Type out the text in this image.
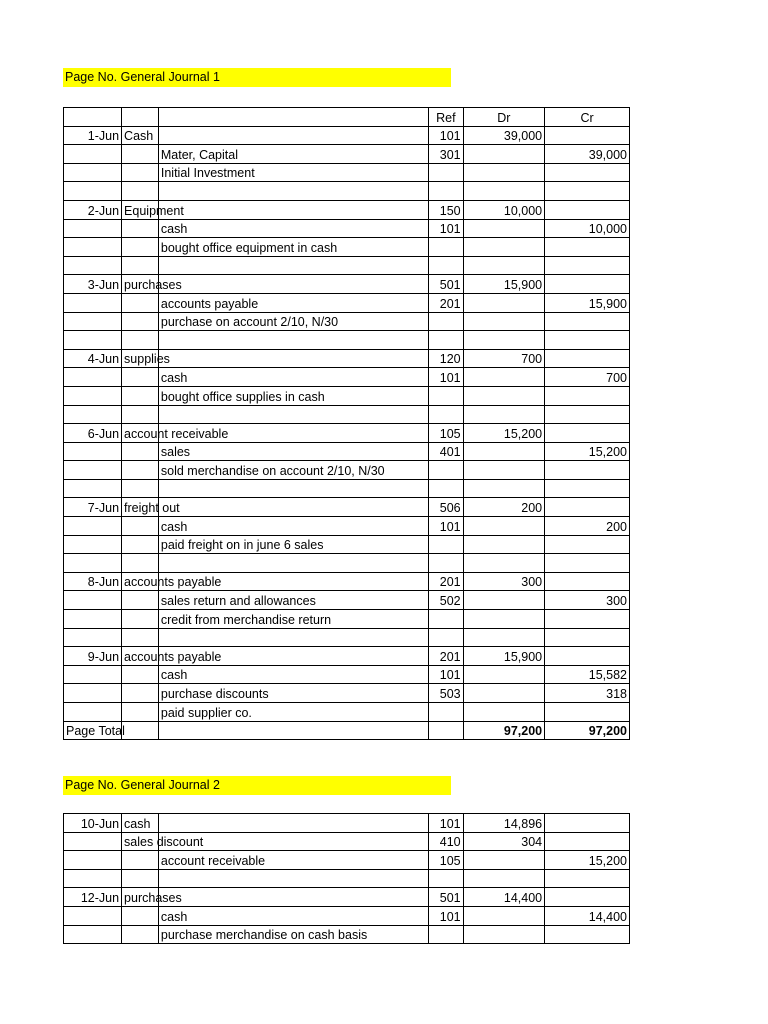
Page No. General Journal 1
			Ref	Dr	Cr
1-Jun	Cash		101	39,000	
		Mater, Capital	301		39,000
		Initial Investment			

2-Jun	Equipment		150	10,000	
		cash	101		10,000
		bought office equipment in cash			

3-Jun	purchases		501	15,900	
		accounts payable	201		15,900
		purchase on account 2/10, N/30			

4-Jun	supplies		120	700	
		cash	101		700
		bought office supplies in cash			

6-Jun	account receivable		105	15,200	
		sales	401		15,200
		sold merchandise on account 2/10, N/30			

7-Jun	freight out		506	200	
		cash	101		200
		paid freight on in june 6 sales			

8-Jun	accounts payable		201	300	
		sales return and allowances	502		300
		credit from merchandise return			

9-Jun	accounts payable		201	15,900	
		cash	101		15,582
		purchase discounts	503		318
		paid supplier co.			
Page Total				97,200	97,200
Page No. General Journal 2
10-Jun	cash		101	14,896	
	sales discount		410	304	
		account receivable	105		15,200

12-Jun	purchases		501	14,400	
		cash	101		14,400
		purchase merchandise on cash basis			
